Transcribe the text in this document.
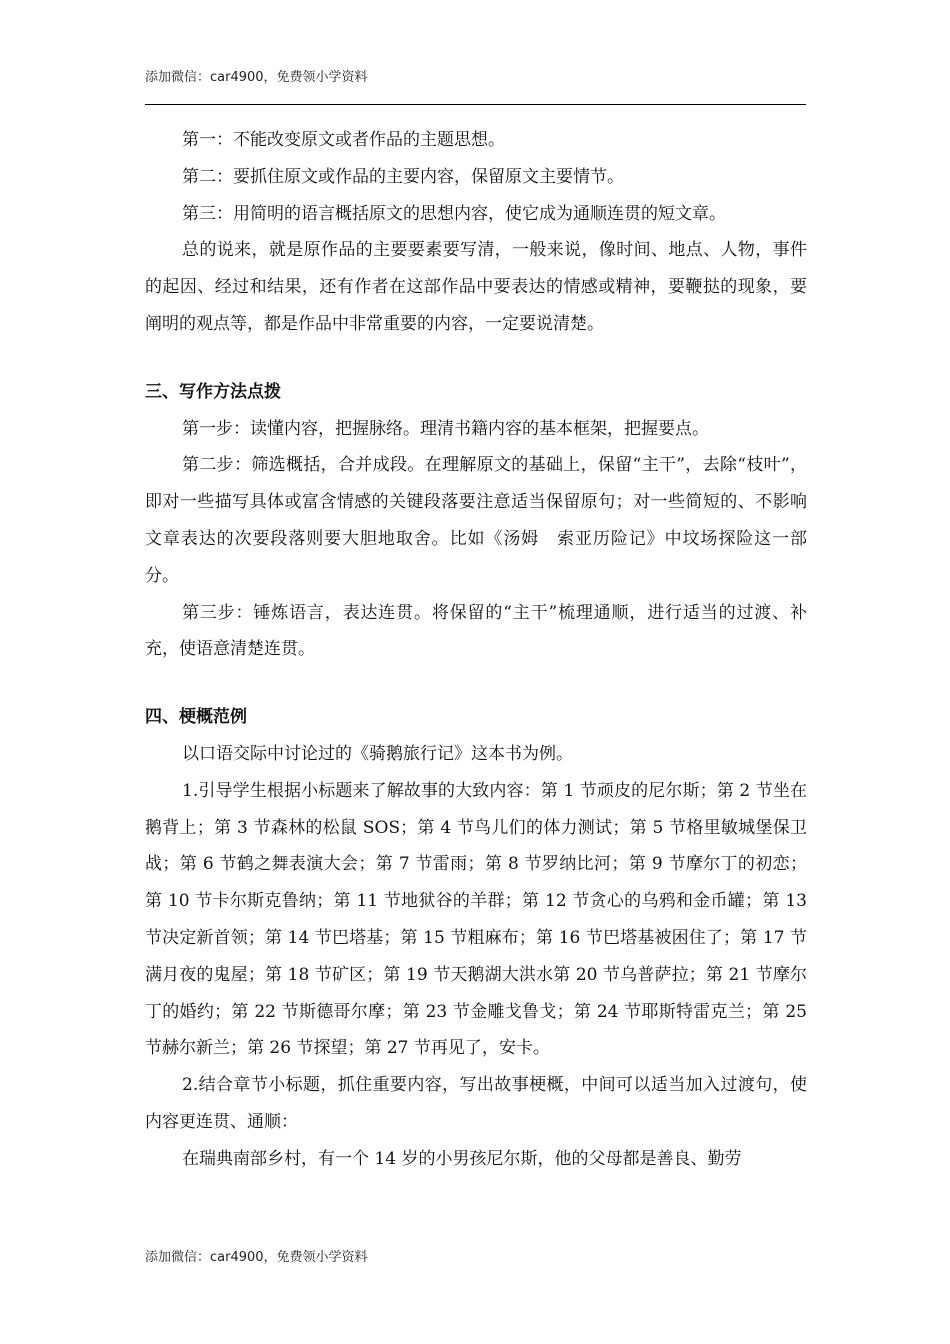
添加微信：car4900，免费领小学资料

第一：不能改变原文或者作品的主题思想。

第二：要抓住原文或作品的主要内容，保留原文主要情节。

第三：用简明的语言概括原文的思想内容，使它成为通顺连贯的短文章。

总的说来，就是原作品的主要要素要写清，一般来说，像时间、地点、人物，事件的起因、经过和结果，还有作者在这部作品中要表达的情感或精神，要鞭挞的现象，要阐明的观点等，都是作品中非常重要的内容，一定要说清楚。

三、写作方法点拨

第一步：读懂内容，把握脉络。理清书籍内容的基本框架，把握要点。

第二步：筛选概括，合并成段。在理解原文的基础上，保留“主干”，去除“枝叶”，即对一些描写具体或富含情感的关键段落要注意适当保留原句；对一些简短的、不影响文章表达的次要段落则要大胆地取舍。比如《汤姆　索亚历险记》中坟场探险这一部分。

第三步：锤炼语言，表达连贯。将保留的“主干”梳理通顺，进行适当的过渡、补充，使语意清楚连贯。

四、梗概范例

以口语交际中讨论过的《骑鹅旅行记》这本书为例。

1.引导学生根据小标题来了解故事的大致内容：第 1 节顽皮的尼尔斯；第 2 节坐在鹅背上；第 3 节森林的松鼠 SOS；第 4 节鸟儿们的体力测试；第 5 节格里敏城堡保卫战；第 6 节鹤之舞表演大会；第 7 节雷雨；第 8 节罗纳比河；第 9 节摩尔丁的初恋；第 10 节卡尔斯克鲁纳；第 11 节地狱谷的羊群；第 12 节贪心的乌鸦和金币罐；第 13 节决定新首领；第 14 节巴塔基；第 15 节粗麻布；第 16 节巴塔基被困住了；第 17 节满月夜的鬼屋；第 18 节矿区；第 19 节天鹅湖大洪水第 20 节乌普萨拉；第 21 节摩尔丁的婚约；第 22 节斯德哥尔摩；第 23 节金雕戈鲁戈；第 24 节耶斯特雷克兰；第 25 节赫尔新兰；第 26 节探望；第 27 节再见了，安卡。

2.结合章节小标题，抓住重要内容，写出故事梗概，中间可以适当加入过渡句，使内容更连贯、通顺：

在瑞典南部乡村，有一个 14 岁的小男孩尼尔斯，他的父母都是善良、勤劳

添加微信：car4900，免费领小学资料
